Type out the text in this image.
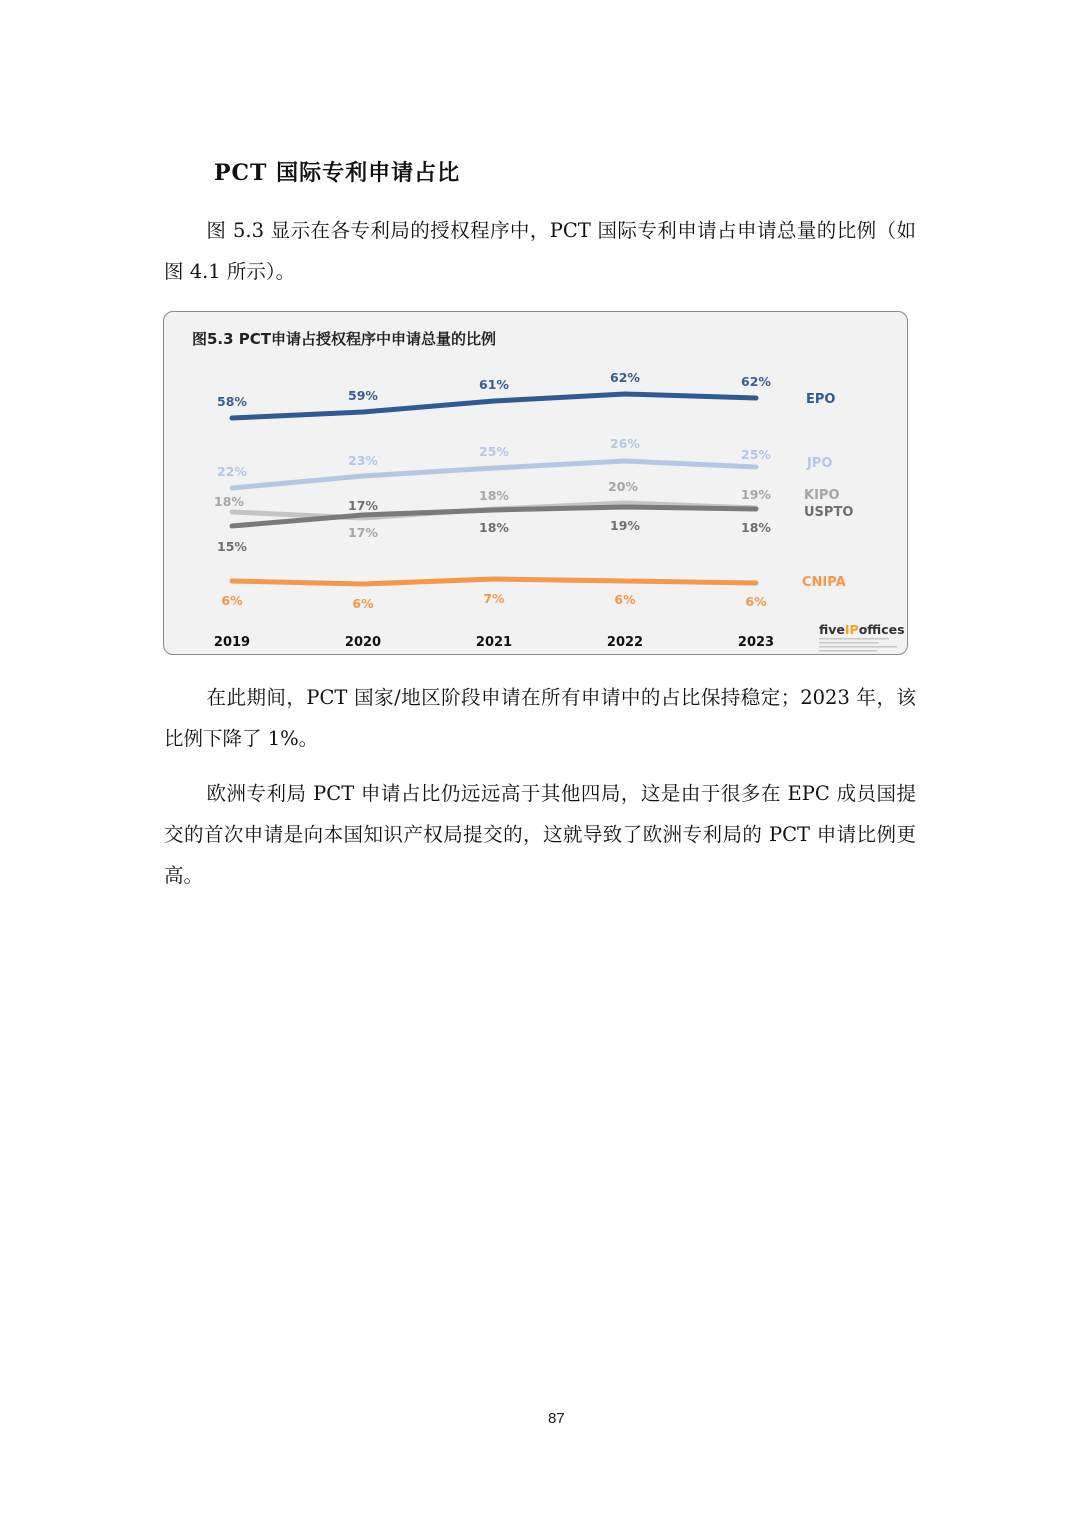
PCT 国际专利申请占比
图 5.3 显示在各专利局的授权程序中，PCT 国际专利申请占申请总量的比例（如图 4.1 所示）。
58%	59%
61%	62%	62%
22%
23%
25%
26%
25%
18%
17%
18%
20%
19%
15%
17%
18%	19%	18%
6%	6%	7%	6%	6%
EPO
JPO
KIPO
USPTO
CNIPA
2019	2020	2021	2022	2023
fiveIPoffices
图5.3 PCT申请占授权程序中申请总量的比例
在此期间，PCT 国家/地区阶段申请在所有申请中的占比保持稳定；2023 年，该比例下降了 1%。
欧洲专利局 PCT 申请占比仍远远高于其他四局，这是由于很多在 EPC 成员国提交的首次申请是向本国知识产权局提交的，这就导致了欧洲专利局的 PCT 申请比例更高。
87
